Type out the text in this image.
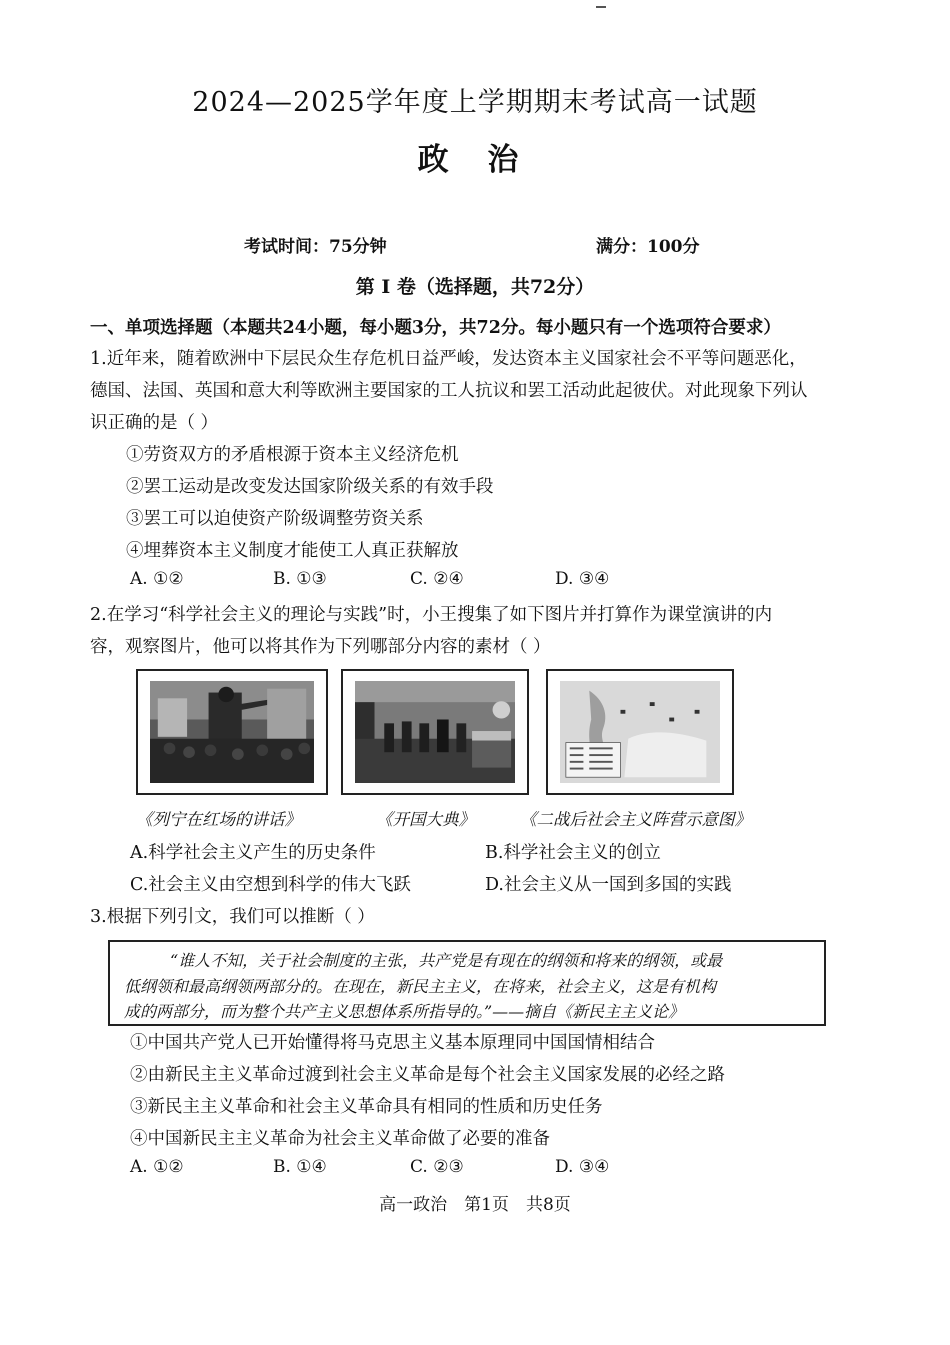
2024—2025学年度上学期期末考试高一试题
政 治
考试时间：75分钟	满分：100分
第 Ⅰ 卷（选择题，共72分）
一、单项选择题（本题共24小题，每小题3分，共72分。每小题只有一个选项符合要求）
1.近年来，随着欧洲中下层民众生存危机日益严峻，发达资本主义国家社会不平等问题恶化，
德国、法国、英国和意大利等欧洲主要国家的工人抗议和罢工活动此起彼伏。对此现象下列认
识正确的是（ ）
①劳资双方的矛盾根源于资本主义经济危机
②罢工运动是改变发达国家阶级关系的有效手段
③罢工可以迫使资产阶级调整劳资关系
④埋葬资本主义制度才能使工人真正获解放
A. ①②	B. ①③	C. ②④	D. ③④
2.在学习“科学社会主义的理论与实践”时，小王搜集了如下图片并打算作为课堂演讲的内
容，观察图片，他可以将其作为下列哪部分内容的素材（ ）
《列宁在红场的讲话》	《开国大典》	《二战后社会主义阵营示意图》
A.科学社会主义产生的历史条件	B.科学社会主义的创立
C.社会主义由空想到科学的伟大飞跃	D.社会主义从一国到多国的实践
3.根据下列引文，我们可以推断（ ）
“谁人不知，关于社会制度的主张，共产党是有现在的纲领和将来的纲领，或最
低纲领和最高纲领两部分的。在现在，新民主主义，在将来，社会主义，这是有机构
成的两部分，而为整个共产主义思想体系所指导的。”——摘自《新民主主义论》
①中国共产党人已开始懂得将马克思主义基本原理同中国国情相结合
②由新民主主义革命过渡到社会主义革命是每个社会主义国家发展的必经之路
③新民主主义革命和社会主义革命具有相同的性质和历史任务
④中国新民主主义革命为社会主义革命做了必要的准备
A. ①②	B. ①④	C. ②③	D. ③④
高一政治　第1页　共8页
